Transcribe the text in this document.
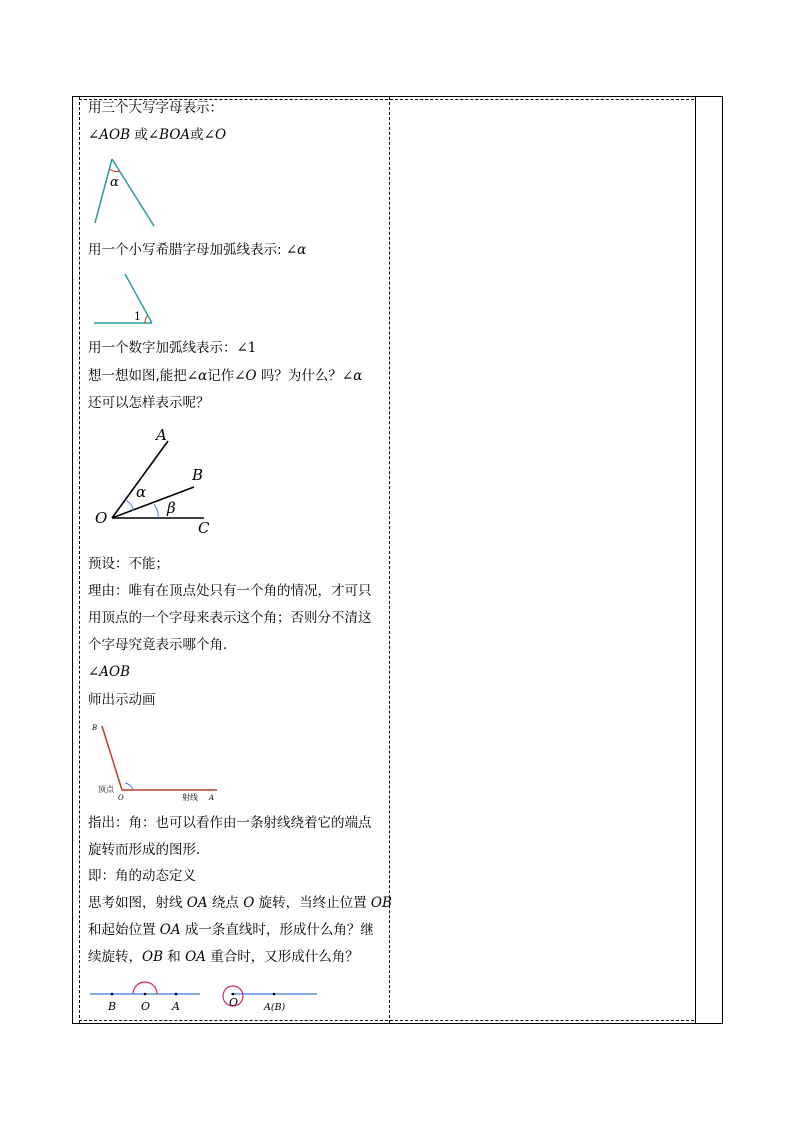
用三个大写字母表示：
∠AOB 或∠BOA或∠O
α
用一个小写希腊字母加弧线表示: ∠α
1
用一个数字加弧线表示：∠1
想一想如图,能把∠α记作∠O 吗？为什么？∠α
还可以怎样表示呢？
A
B
C
O
α
β
预设：不能；
理由：唯有在顶点处只有一个角的情况，才可只
用顶点的一个字母来表示这个角；否则分不清这
个字母究竟表示哪个角．
∠AOB
师出示动画
B
顶点
O	射线 A
指出：角：也可以看作由一条射线绕着它的端点
旋转而形成的图形．
即：角的动态定义
思考如图，射线 OA 绕点 O 旋转，当终止位置 OB
和起始位置 OA 成一条直线时，形成什么角？继
续旋转，OB 和 OA 重合时，又形成什么角？
B O A	O	A(B)
